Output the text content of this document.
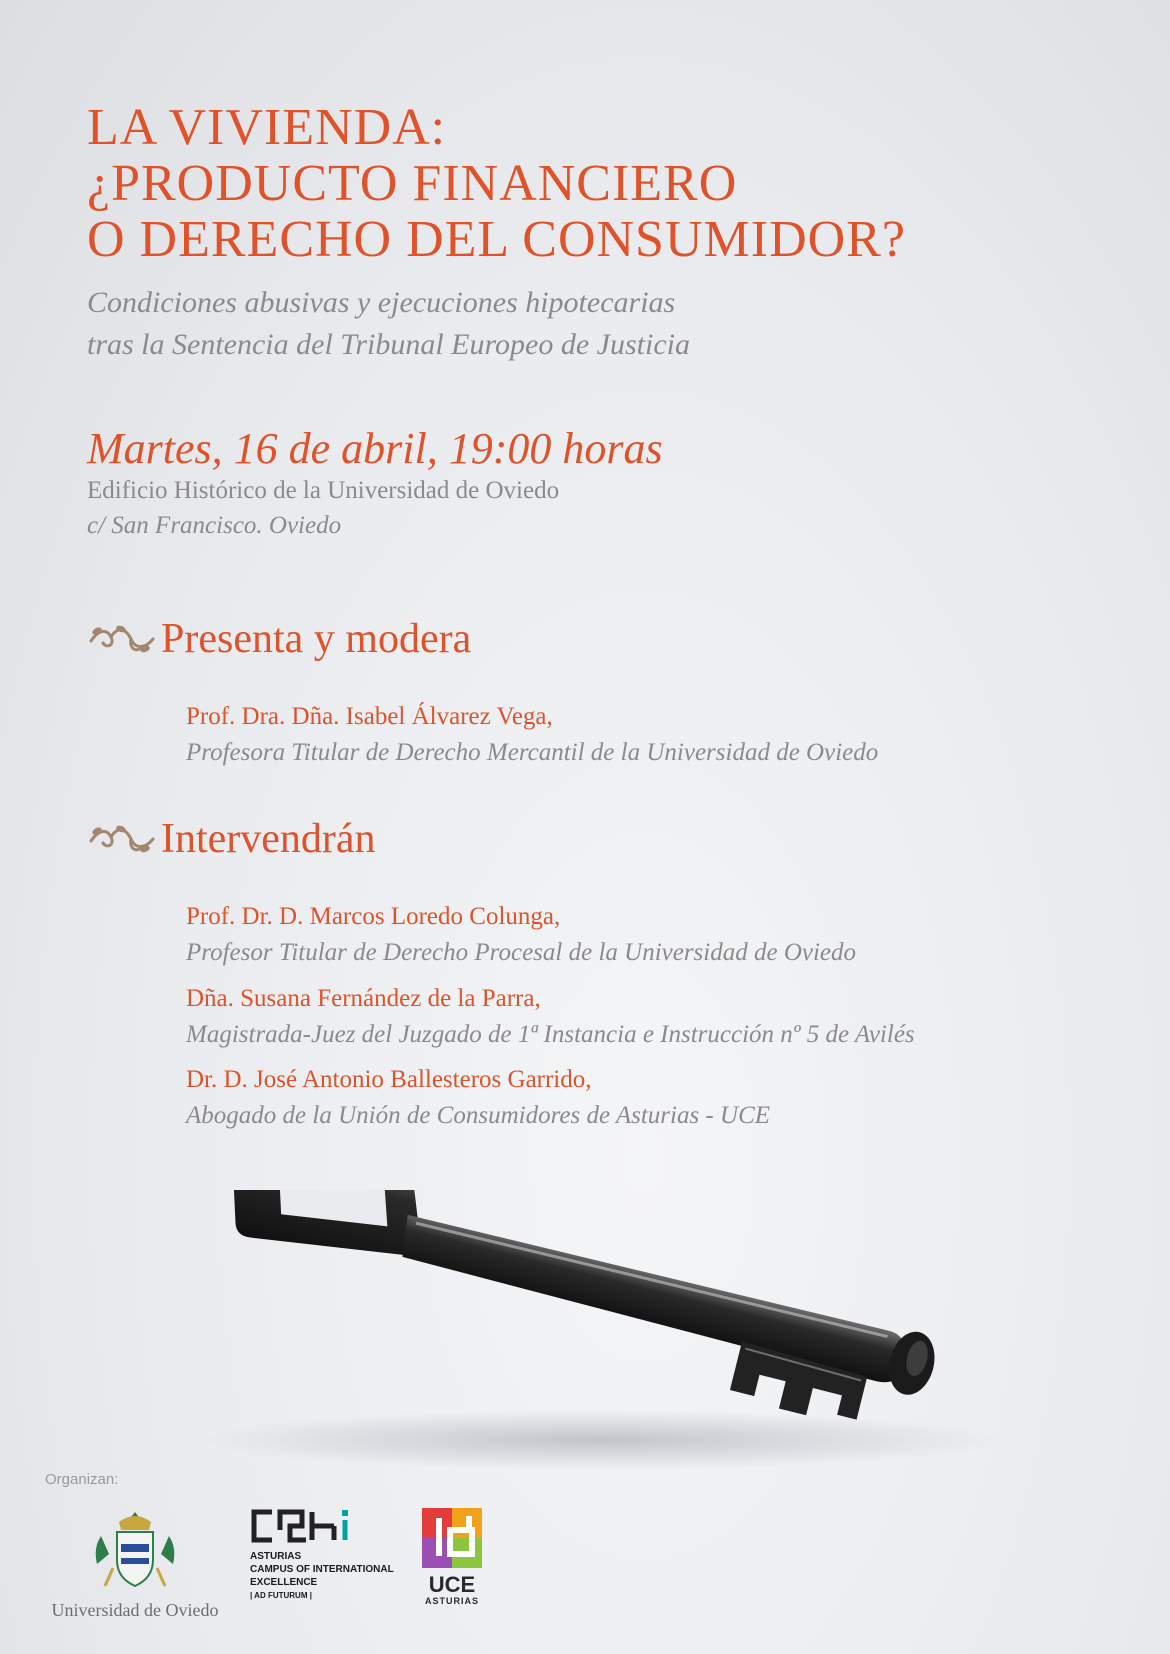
LA VIVIENDA:
¿PRODUCTO FINANCIERO
O DERECHO DEL CONSUMIDOR?
Condiciones abusivas y ejecuciones hipotecarias
tras la Sentencia del Tribunal Europeo de Justicia
Martes, 16 de abril, 19:00 horas
Edificio Histórico de la Universidad de Oviedo
c/ San Francisco. Oviedo
Presenta y modera
Prof. Dra. Dña. Isabel Álvarez Vega,
Profesora Titular de Derecho Mercantil de la Universidad de Oviedo
Intervendrán
Prof. Dr. D. Marcos Loredo Colunga,
Profesor Titular de Derecho Procesal de la Universidad de Oviedo
Dña. Susana Fernández de la Parra,
Magistrada-Juez del Juzgado de 1ª Instancia e Instrucción nº 5 de Avilés
Dr. D. José Antonio Ballesteros Garrido,
Abogado de la Unión de Consumidores de Asturias - UCE
Organizan:
Universidad de Oviedo
ASTURIAS
CAMPUS OF INTERNATIONAL
EXCELLENCE
| AD FUTURUM |	UCE
ASTURIAS
